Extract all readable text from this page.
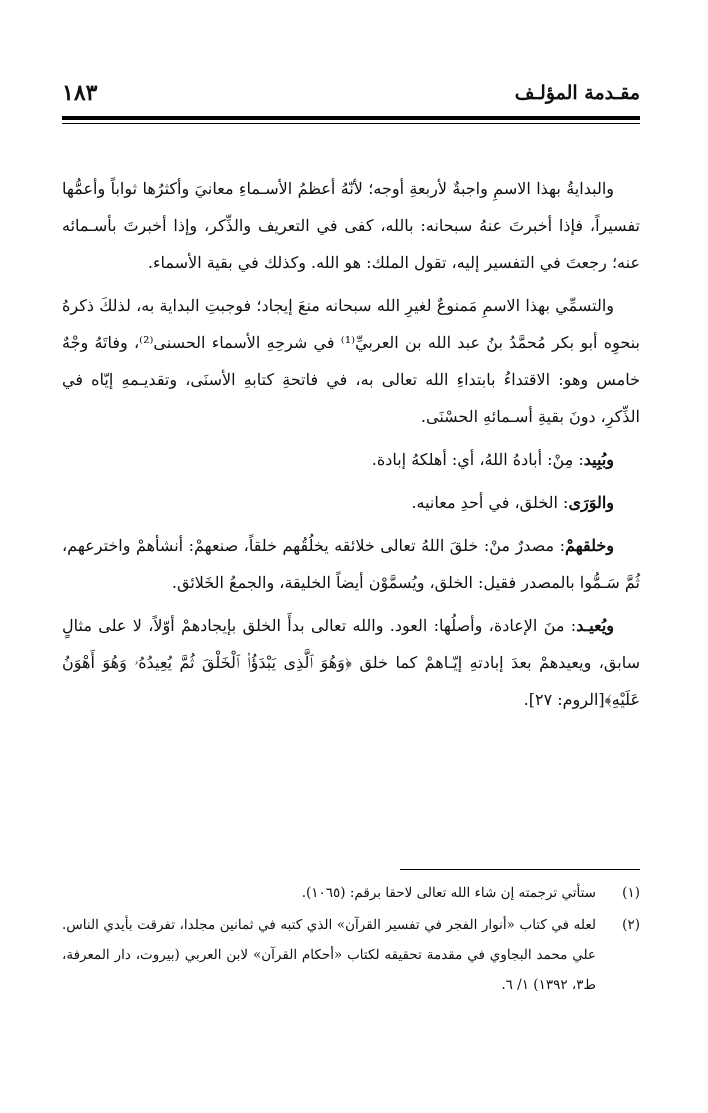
مقـدمة المؤلـف
١٨٣

والبدايةُ بهذا الاسمِ واجبةٌ لأربعةِ أوجه؛ لأنّهُ أعظمُ الأسـماءِ معانيَ وأكثرُها ثواباً وأعمُّها تفسيراً، فإذا أخبرتَ عنهُ سبحانه: بالله، كفى في التعريف والذِّكر، وإذا أخبرتَ بأسـمائه عنه؛ رجعتَ في التفسير إليه، تقول الملك: هو الله. وكذلك في بقية الأسماء.

والتسمِّي بهذا الاسمِ مَمنوعٌ لغيرِ الله سبحانه منعَ إيجاد؛ فوجبتِ البداية به، لذلكَ ذكرهُ بنحوِه أبو بكر مُحمَّدُ بنُ عبد الله بن العربيِّ⁽¹⁾ في شرحِهِ الأسماء الحسنى⁽²⁾، وفاتَهُ وجْهٌ خامس وهو: الاقتداءُ بابتداءِ الله تعالى به، في فاتحةِ كتابهِ الأسنَى، وتقديـمهِ إيّاه في الذِّكرِ، دونَ بقيةِ أسـمائهِ الحسْنَى.

وبُبِيد: مِنْ: أبادهُ اللهُ، أي: أهلكهُ إبادة.

والوَرَى: الخلق، في أحدِ معانيه.

وخلقهمْ: مصدرٌ منْ: خلقَ اللهُ تعالى خلائقه يخلُقُهم خلقاً، صنعهمْ: أنشأهمْ واخترعهم، ثُمَّ سَـمُّوا بالمصدر فقيل: الخلق، ويُسمَّوْن أيضاً الخليقة، والجمعُ الخَلائق.

ويُعيـد: منَ الإعادة، وأصلُها: العود. والله تعالى بدأَ الخلق بإيجادهمْ أوّلاً، لا على مثالٍ سابق، ويعيدهمْ بعدَ إبادتهِ إيّـاهمْ كما خلق ﴿وَهُوَ ٱلَّذِى يَبْدَؤُا۟ ٱلْخَلْقَ ثُمَّ يُعِيدُهُۥ وَهُوَ أَهْوَنُ عَلَيْهِ﴾[الروم: ٢٧].

(١)
ستأتي ترجمته إن شاء الله تعالى لاحقا برقم: (١٠٦٥).
(٢)
لعله في كتاب «أنوار الفجر في تفسير القرآن» الذي كتبه في ثمانين مجلدا، تفرقت بأيدي الناس. علي محمد البجاوي في مقدمة تحقيقه لكتاب «أحكام القرآن» لابن العربي (بيروت، دار المعرفة، ط٣، ١٣٩٢) ١/ ٦.
